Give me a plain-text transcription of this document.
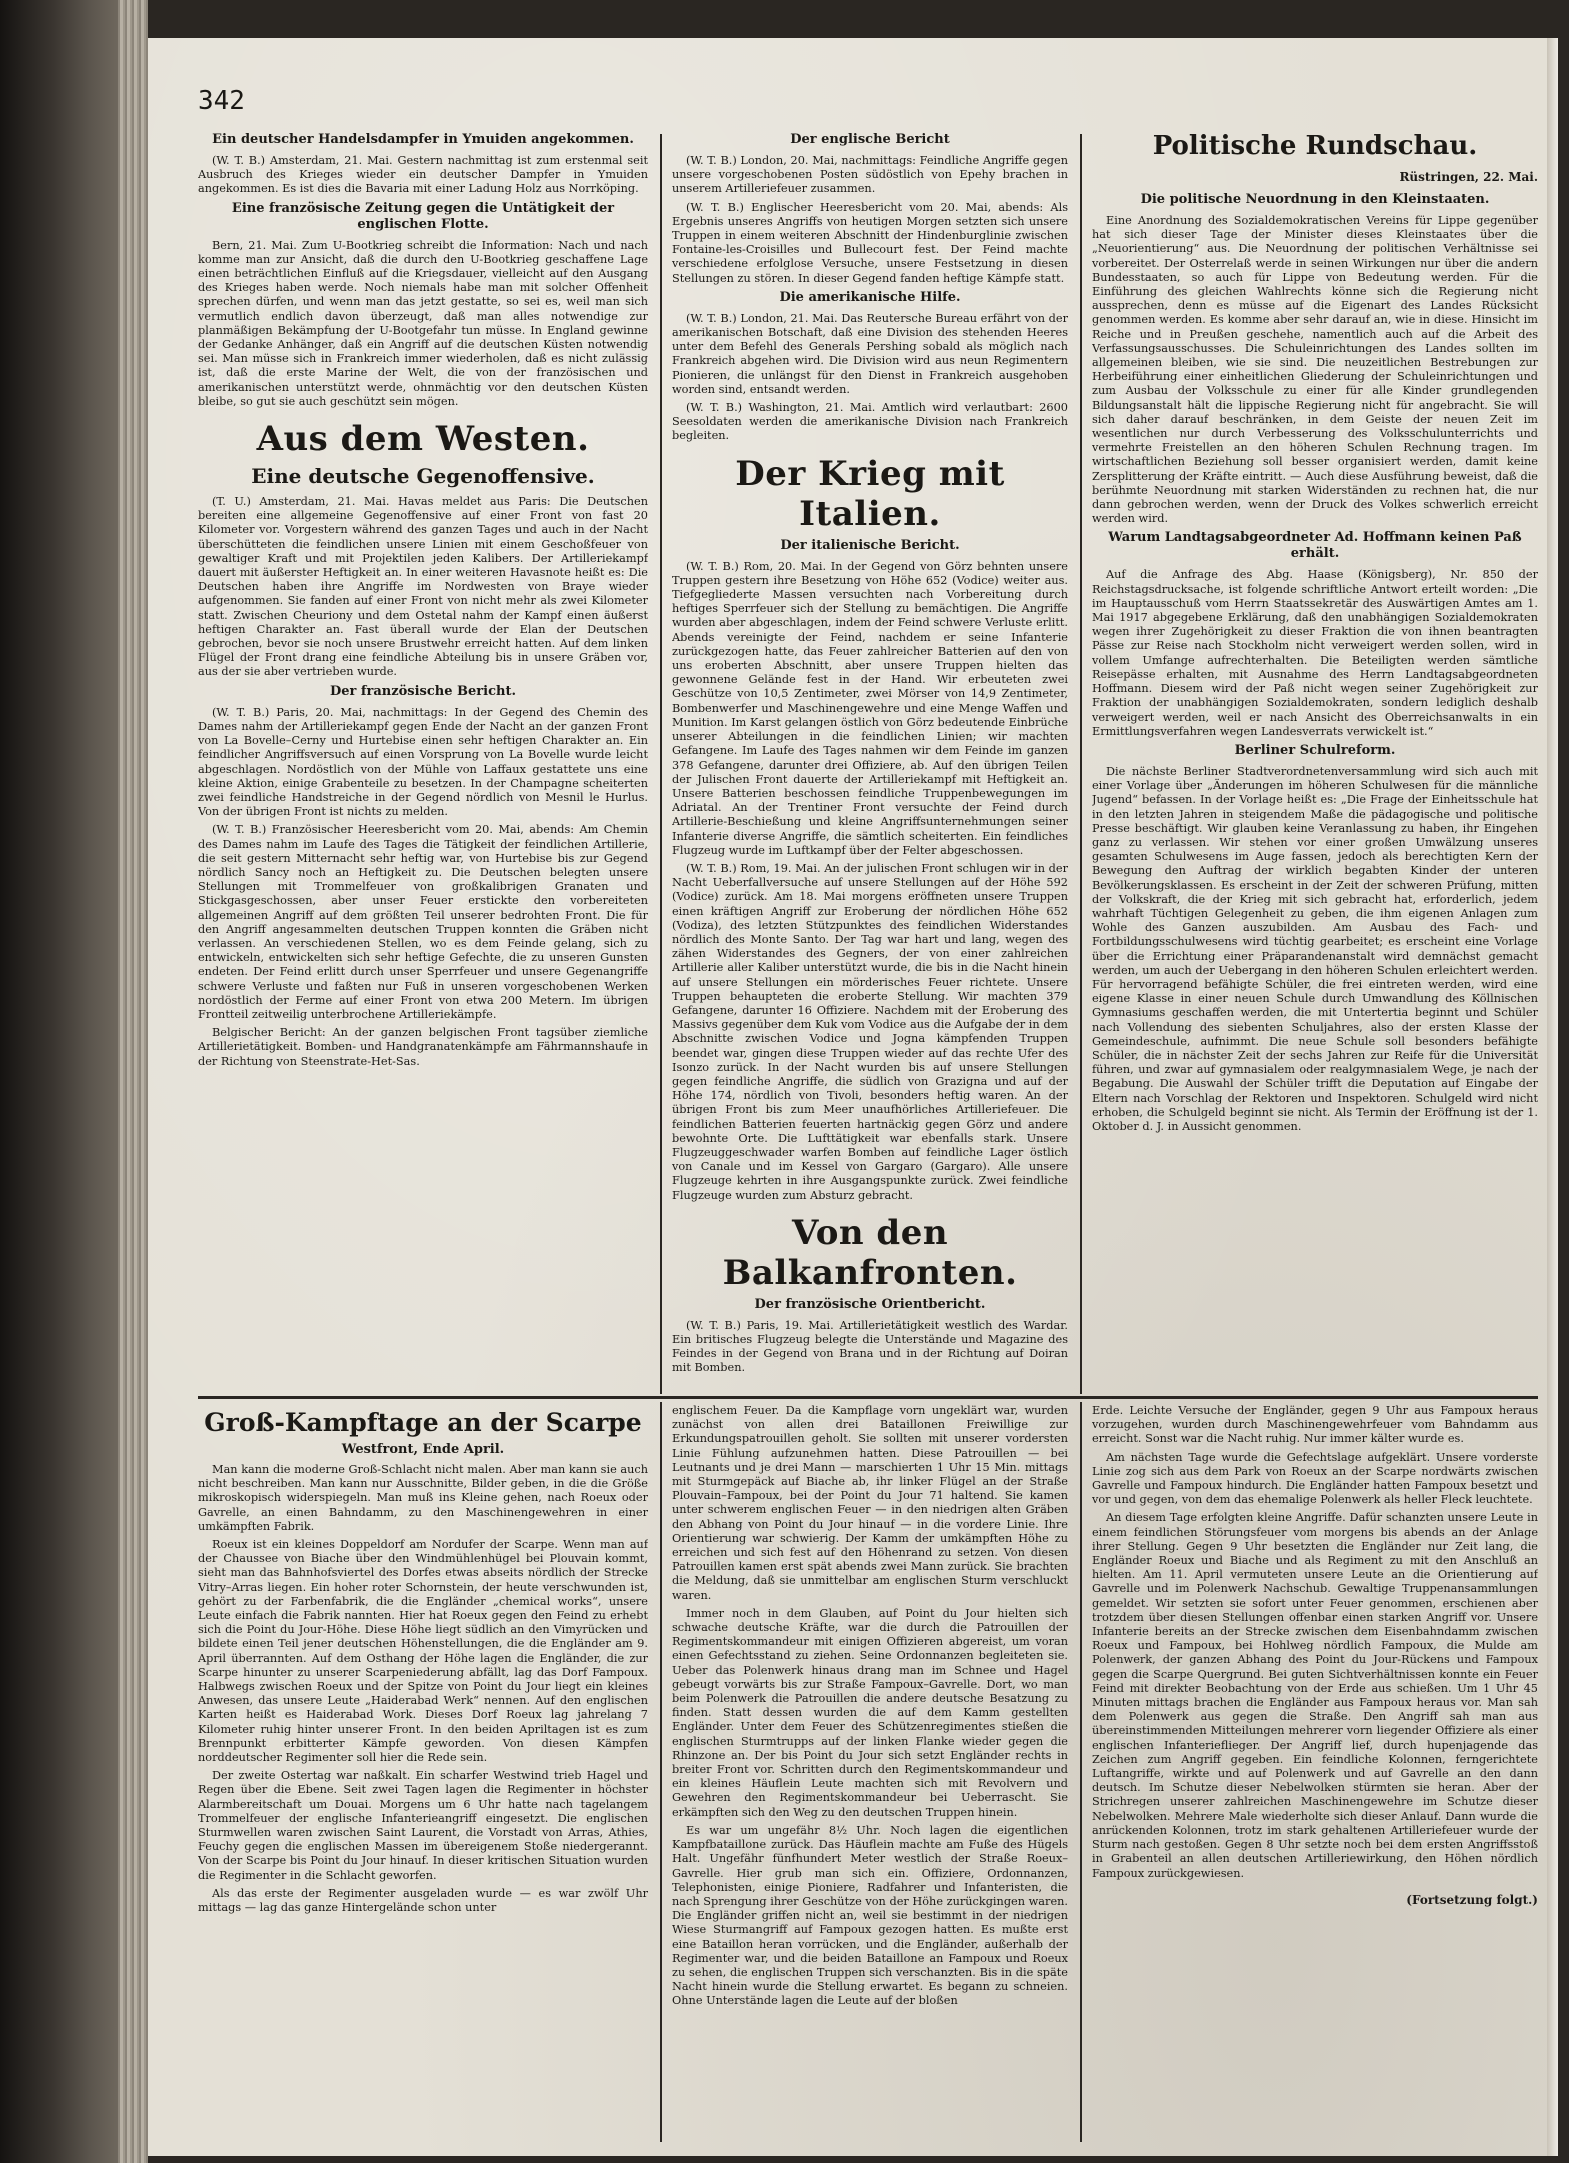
342
Ein deutscher Handelsdampfer in Ymuiden angekommen.
(W. T. B.) Amsterdam, 21. Mai. Gestern nachmittag ist zum erstenmal seit Ausbruch des Krieges wieder ein deutscher Dampfer in Ymuiden angekommen. Es ist dies die Bavaria mit einer Ladung Holz aus Norrköping.
Eine französische Zeitung gegen die Untätigkeit der englischen Flotte.
Bern, 21. Mai. Zum U-Bootkrieg schreibt die Information: Nach und nach komme man zur Ansicht, daß die durch den U-Bootkrieg geschaffene Lage einen beträchtlichen Einfluß auf die Kriegsdauer, vielleicht auf den Ausgang des Krieges haben werde. Noch niemals habe man mit solcher Offenheit sprechen dürfen, und wenn man das jetzt gestatte, so sei es, weil man sich vermutlich endlich davon überzeugt, daß man alles notwendige zur planmäßigen Bekämpfung der U-Bootgefahr tun müsse. In England gewinne der Gedanke Anhänger, daß ein Angriff auf die deutschen Küsten notwendig sei. Man müsse sich in Frankreich immer wiederholen, daß es nicht zulässig ist, daß die erste Marine der Welt, die von der französischen und amerikanischen unterstützt werde, ohnmächtig vor den deutschen Küsten bleibe, so gut sie auch geschützt sein mögen.
Aus dem Westen.
Eine deutsche Gegenoffensive.
(T. U.) Amsterdam, 21. Mai. Havas meldet aus Paris: Die Deutschen bereiten eine allgemeine Gegenoffensive auf einer Front von fast 20 Kilometer vor. Vorgestern während des ganzen Tages und auch in der Nacht überschütteten die feindlichen unsere Linien mit einem Geschoßfeuer von gewaltiger Kraft und mit Projektilen jeden Kalibers. Der Artilleriekampf dauert mit äußerster Heftigkeit an. In einer weiteren Havasnote heißt es: Die Deutschen haben ihre Angriffe im Nordwesten von Braye wieder aufgenommen. Sie fanden auf einer Front von nicht mehr als zwei Kilometer statt. Zwischen Cheuriony und dem Ostetal nahm der Kampf einen äußerst heftigen Charakter an. Fast überall wurde der Elan der Deutschen gebrochen, bevor sie noch unsere Brustwehr erreicht hatten. Auf dem linken Flügel der Front drang eine feindliche Abteilung bis in unsere Gräben vor, aus der sie aber vertrieben wurde.
Der französische Bericht.
(W. T. B.) Paris, 20. Mai, nachmittags: In der Gegend des Chemin des Dames nahm der Artilleriekampf gegen Ende der Nacht an der ganzen Front von La Bovelle–Cerny und Hurtebise einen sehr heftigen Charakter an. Ein feindlicher Angriffsversuch auf einen Vorsprung von La Bovelle wurde leicht abgeschlagen. Nordöstlich von der Mühle von Laffaux gestattete uns eine kleine Aktion, einige Grabenteile zu besetzen. In der Champagne scheiterten zwei feindliche Handstreiche in der Gegend nördlich von Mesnil le Hurlus. Von der übrigen Front ist nichts zu melden.
(W. T. B.) Französischer Heeresbericht vom 20. Mai, abends: Am Chemin des Dames nahm im Laufe des Tages die Tätigkeit der feindlichen Artillerie, die seit gestern Mitternacht sehr heftig war, von Hurtebise bis zur Gegend nördlich Sancy noch an Heftigkeit zu. Die Deutschen belegten unsere Stellungen mit Trommelfeuer von großkalibrigen Granaten und Stickgasgeschossen, aber unser Feuer erstickte den vorbereiteten allgemeinen Angriff auf dem größten Teil unserer bedrohten Front. Die für den Angriff angesammelten deutschen Truppen konnten die Gräben nicht verlassen. An verschiedenen Stellen, wo es dem Feinde gelang, sich zu entwickeln, entwickelten sich sehr heftige Gefechte, die zu unseren Gunsten endeten. Der Feind erlitt durch unser Sperrfeuer und unsere Gegenangriffe schwere Verluste und faßten nur Fuß in unseren vorgeschobenen Werken nordöstlich der Ferme auf einer Front von etwa 200 Metern. Im übrigen Frontteil zeitweilig unterbrochene Artilleriekämpfe.
Belgischer Bericht: An der ganzen belgischen Front tagsüber ziemliche Artillerietätigkeit. Bomben- und Handgranatenkämpfe am Fährmannshaufe in der Richtung von Steenstrate-Het-Sas.
Der englische Bericht
(W. T. B.) London, 20. Mai, nachmittags: Feindliche Angriffe gegen unsere vorgeschobenen Posten südöstlich von Epehy brachen in unserem Artilleriefeuer zusammen.
(W. T. B.) Englischer Heeresbericht vom 20. Mai, abends: Als Ergebnis unseres Angriffs von heutigen Morgen setzten sich unsere Truppen in einem weiteren Abschnitt der Hindenburglinie zwischen Fontaine-les-Croisilles und Bullecourt fest. Der Feind machte verschiedene erfolglose Versuche, unsere Festsetzung in diesen Stellungen zu stören. In dieser Gegend fanden heftige Kämpfe statt.
Die amerikanische Hilfe.
(W. T. B.) London, 21. Mai. Das Reutersche Bureau erfährt von der amerikanischen Botschaft, daß eine Division des stehenden Heeres unter dem Befehl des Generals Pershing sobald als möglich nach Frankreich abgehen wird. Die Division wird aus neun Regimentern Pionieren, die unlängst für den Dienst in Frankreich ausgehoben worden sind, entsandt werden.
(W. T. B.) Washington, 21. Mai. Amtlich wird verlautbart: 2600 Seesoldaten werden die amerikanische Division nach Frankreich begleiten.
Der Krieg mit Italien.
Der italienische Bericht.
(W. T. B.) Rom, 20. Mai. In der Gegend von Görz behnten unsere Truppen gestern ihre Besetzung von Höhe 652 (Vodice) weiter aus. Tiefgegliederte Massen versuchten nach Vorbereitung durch heftiges Sperrfeuer sich der Stellung zu bemächtigen. Die Angriffe wurden aber abgeschlagen, indem der Feind schwere Verluste erlitt. Abends vereinigte der Feind, nachdem er seine Infanterie zurückgezogen hatte, das Feuer zahlreicher Batterien auf den von uns eroberten Abschnitt, aber unsere Truppen hielten das gewonnene Gelände fest in der Hand. Wir erbeuteten zwei Geschütze von 10,5 Zentimeter, zwei Mörser von 14,9 Zentimeter, Bombenwerfer und Maschinengewehre und eine Menge Waffen und Munition. Im Karst gelangen östlich von Görz bedeutende Einbrüche unserer Abteilungen in die feindlichen Linien; wir machten Gefangene. Im Laufe des Tages nahmen wir dem Feinde im ganzen 378 Gefangene, darunter drei Offiziere, ab. Auf den übrigen Teilen der Julischen Front dauerte der Artilleriekampf mit Heftigkeit an. Unsere Batterien beschossen feindliche Truppenbewegungen im Adriatal. An der Trentiner Front versuchte der Feind durch Artillerie-Beschießung und kleine Angriffsunternehmungen seiner Infanterie diverse Angriffe, die sämtlich scheiterten. Ein feindliches Flugzeug wurde im Luftkampf über der Felter abgeschossen.
(W. T. B.) Rom, 19. Mai. An der julischen Front schlugen wir in der Nacht Ueberfallversuche auf unsere Stellungen auf der Höhe 592 (Vodice) zurück. Am 18. Mai morgens eröffneten unsere Truppen einen kräftigen Angriff zur Eroberung der nördlichen Höhe 652 (Vodiza), des letzten Stützpunktes des feindlichen Widerstandes nördlich des Monte Santo. Der Tag war hart und lang, wegen des zähen Widerstandes des Gegners, der von einer zahlreichen Artillerie aller Kaliber unterstützt wurde, die bis in die Nacht hinein auf unsere Stellungen ein mörderisches Feuer richtete. Unsere Truppen behaupteten die eroberte Stellung. Wir machten 379 Gefangene, darunter 16 Offiziere. Nachdem mit der Eroberung des Massivs gegenüber dem Kuk vom Vodice aus die Aufgabe der in dem Abschnitte zwischen Vodice und Jogna kämpfenden Truppen beendet war, gingen diese Truppen wieder auf das rechte Ufer des Isonzo zurück. In der Nacht wurden bis auf unsere Stellungen gegen feindliche Angriffe, die südlich von Grazigna und auf der Höhe 174, nördlich von Tivoli, besonders heftig waren. An der übrigen Front bis zum Meer unaufhörliches Artilleriefeuer. Die feindlichen Batterien feuerten hartnäckig gegen Görz und andere bewohnte Orte. Die Lufttätigkeit war ebenfalls stark. Unsere Flugzeuggeschwader warfen Bomben auf feindliche Lager östlich von Canale und im Kessel von Gargaro (Gargaro). Alle unsere Flugzeuge kehrten in ihre Ausgangspunkte zurück. Zwei feindliche Flugzeuge wurden zum Absturz gebracht.
Von den Balkanfronten.
Der französische Orientbericht.
(W. T. B.) Paris, 19. Mai. Artillerietätigkeit westlich des Wardar. Ein britisches Flugzeug belegte die Unterstände und Magazine des Feindes in der Gegend von Brana und in der Richtung auf Doiran mit Bomben.
Politische Rundschau.
Rüstringen, 22. Mai.
Die politische Neuordnung in den Kleinstaaten.
Eine Anordnung des Sozialdemokratischen Vereins für Lippe gegenüber hat sich dieser Tage der Minister dieses Kleinstaates über die „Neuorientierung“ aus. Die Neuordnung der politischen Verhältnisse sei vorbereitet. Der Osterrelaß werde in seinen Wirkungen nur über die andern Bundesstaaten, so auch für Lippe von Bedeutung werden. Für die Einführung des gleichen Wahlrechts könne sich die Regierung nicht aussprechen, denn es müsse auf die Eigenart des Landes Rücksicht genommen werden. Es komme aber sehr darauf an, wie in diese. Hinsicht im Reiche und in Preußen geschehe, namentlich auch auf die Arbeit des Verfassungsausschusses. Die Schuleinrichtungen des Landes sollten im allgemeinen bleiben, wie sie sind. Die neuzeitlichen Bestrebungen zur Herbeiführung einer einheitlichen Gliederung der Schuleinrichtungen und zum Ausbau der Volksschule zu einer für alle Kinder grundlegenden Bildungsanstalt hält die lippische Regierung nicht für angebracht. Sie will sich daher darauf beschränken, in dem Geiste der neuen Zeit im wesentlichen nur durch Verbesserung des Volksschulunterrichts und vermehrte Freistellen an den höheren Schulen Rechnung tragen. Im wirtschaftlichen Beziehung soll besser organisiert werden, damit keine Zersplitterung der Kräfte eintritt. — Auch diese Ausführung beweist, daß die berühmte Neuordnung mit starken Widerständen zu rechnen hat, die nur dann gebrochen werden, wenn der Druck des Volkes schwerlich erreicht werden wird.
Warum Landtagsabgeordneter Ad. Hoffmann keinen Paß erhält.
Auf die Anfrage des Abg. Haase (Königsberg), Nr. 850 der Reichstagsdrucksache, ist folgende schriftliche Antwort erteilt worden: „Die im Hauptausschuß vom Herrn Staatssekretär des Auswärtigen Amtes am 1. Mai 1917 abgegebene Erklärung, daß den unabhängigen Sozialdemokraten wegen ihrer Zugehörigkeit zu dieser Fraktion die von ihnen beantragten Pässe zur Reise nach Stockholm nicht verweigert werden sollen, wird in vollem Umfange aufrechterhalten. Die Beteiligten werden sämtliche Reisepässe erhalten, mit Ausnahme des Herrn Landtagsabgeordneten Hoffmann. Diesem wird der Paß nicht wegen seiner Zugehörigkeit zur Fraktion der unabhängigen Sozialdemokraten, sondern lediglich deshalb verweigert werden, weil er nach Ansicht des Oberreichsanwalts in ein Ermittlungsverfahren wegen Landesverrats verwickelt ist.“
Berliner Schulreform.
Die nächste Berliner Stadtverordnetenversammlung wird sich auch mit einer Vorlage über „Änderungen im höheren Schulwesen für die männliche Jugend“ befassen. In der Vorlage heißt es: „Die Frage der Einheitsschule hat in den letzten Jahren in steigendem Maße die pädagogische und politische Presse beschäftigt. Wir glauben keine Veranlassung zu haben, ihr Eingehen ganz zu verlassen. Wir stehen vor einer großen Umwälzung unseres gesamten Schulwesens im Auge fassen, jedoch als berechtigten Kern der Bewegung den Auftrag der wirklich begabten Kinder der unteren Bevölkerungsklassen. Es erscheint in der Zeit der schweren Prüfung, mitten der Volkskraft, die der Krieg mit sich gebracht hat, erforderlich, jedem wahrhaft Tüchtigen Gelegenheit zu geben, die ihm eigenen Anlagen zum Wohle des Ganzen auszubilden. Am Ausbau des Fach- und Fortbildungsschulwesens wird tüchtig gearbeitet; es erscheint eine Vorlage über die Errichtung einer Präparandenanstalt wird demnächst gemacht werden, um auch der Uebergang in den höheren Schulen erleichtert werden. Für hervorragend befähigte Schüler, die frei eintreten werden, wird eine eigene Klasse in einer neuen Schule durch Umwandlung des Köllnischen Gymnasiums geschaffen werden, die mit Untertertia beginnt und Schüler nach Vollendung des siebenten Schuljahres, also der ersten Klasse der Gemeindeschule, aufnimmt. Die neue Schule soll besonders befähigte Schüler, die in nächster Zeit der sechs Jahren zur Reife für die Universität führen, und zwar auf gymnasialem oder realgymnasialem Wege, je nach der Begabung. Die Auswahl der Schüler trifft die Deputation auf Eingabe der Eltern nach Vorschlag der Rektoren und Inspektoren. Schulgeld wird nicht erhoben, die Schulgeld beginnt sie nicht. Als Termin der Eröffnung ist der 1. Oktober d. J. in Aussicht genommen.
Groß-Kampftage an der Scarpe
Westfront, Ende April.
Man kann die moderne Groß-Schlacht nicht malen. Aber man kann sie auch nicht beschreiben. Man kann nur Ausschnitte, Bilder geben, in die die Größe mikroskopisch widerspiegeln. Man muß ins Kleine gehen, nach Roeux oder Gavrelle, an einen Bahndamm, zu den Maschinengewehren in einer umkämpften Fabrik.
Roeux ist ein kleines Doppeldorf am Nordufer der Scarpe. Wenn man auf der Chaussee von Biache über den Windmühlenhügel bei Plouvain kommt, sieht man das Bahnhofsviertel des Dorfes etwas abseits nördlich der Strecke Vitry–Arras liegen. Ein hoher roter Schornstein, der heute verschwunden ist, gehört zu der Farbenfabrik, die die Engländer „chemical works“, unsere Leute einfach die Fabrik nannten. Hier hat Roeux gegen den Feind zu erhebt sich die Point du Jour-Höhe. Diese Höhe liegt südlich an den Vimyrücken und bildete einen Teil jener deutschen Höhenstellungen, die die Engländer am 9. April überrannten. Auf dem Osthang der Höhe lagen die Engländer, die zur Scarpe hinunter zu unserer Scarpeniederung abfällt, lag das Dorf Fampoux. Halbwegs zwischen Roeux und der Spitze von Point du Jour liegt ein kleines Anwesen, das unsere Leute „Haiderabad Werk“ nennen. Auf den englischen Karten heißt es Haiderabad Work. Dieses Dorf Roeux lag jahrelang 7 Kilometer ruhig hinter unserer Front. In den beiden Apriltagen ist es zum Brennpunkt erbitterter Kämpfe geworden. Von diesen Kämpfen norddeutscher Regimenter soll hier die Rede sein.
Der zweite Ostertag war naßkalt. Ein scharfer Westwind trieb Hagel und Regen über die Ebene. Seit zwei Tagen lagen die Regimenter in höchster Alarmbereitschaft um Douai. Morgens um 6 Uhr hatte nach tagelangem Trommelfeuer der englische Infanterieangriff eingesetzt. Die englischen Sturmwellen waren zwischen Saint Laurent, die Vorstadt von Arras, Athies, Feuchy gegen die englischen Massen im übereigenem Stoße niedergerannt. Von der Scarpe bis Point du Jour hinauf. In dieser kritischen Situation wurden die Regimenter in die Schlacht geworfen.
Als das erste der Regimenter ausgeladen wurde — es war zwölf Uhr mittags — lag das ganze Hintergelände schon unter
englischem Feuer. Da die Kampflage vorn ungeklärt war, wurden zunächst von allen drei Bataillonen Freiwillige zur Erkundungspatrouillen geholt. Sie sollten mit unserer vordersten Linie Fühlung aufzunehmen hatten. Diese Patrouillen — bei Leutnants und je drei Mann — marschierten 1 Uhr 15 Min. mittags mit Sturmgepäck auf Biache ab, ihr linker Flügel an der Straße Plouvain–Fampoux, bei der Point du Jour 71 haltend. Sie kamen unter schwerem englischen Feuer — in den niedrigen alten Gräben den Abhang von Point du Jour hinauf — in die vordere Linie. Ihre Orientierung war schwierig. Der Kamm der umkämpften Höhe zu erreichen und sich fest auf den Höhenrand zu setzen. Von diesen Patrouillen kamen erst spät abends zwei Mann zurück. Sie brachten die Meldung, daß sie unmittelbar am englischen Sturm verschluckt waren.
Immer noch in dem Glauben, auf Point du Jour hielten sich schwache deutsche Kräfte, war die durch die Patrouillen der Regimentskommandeur mit einigen Offizieren abgereist, um voran einen Gefechtsstand zu ziehen. Seine Ordonnanzen begleiteten sie. Ueber das Polenwerk hinaus drang man im Schnee und Hagel gebeugt vorwärts bis zur Straße Fampoux–Gavrelle. Dort, wo man beim Polenwerk die Patrouillen die andere deutsche Besatzung zu finden. Statt dessen wurden die auf dem Kamm gestellten Engländer. Unter dem Feuer des Schützenregimentes stießen die englischen Sturmtrupps auf der linken Flanke wieder gegen die Rhinzone an. Der bis Point du Jour sich setzt Engländer rechts in breiter Front vor. Schritten durch den Regimentskommandeur und ein kleines Häuflein Leute machten sich mit Revolvern und Gewehren den Regimentskommandeur bei Ueberrascht. Sie erkämpften sich den Weg zu den deutschen Truppen hinein.
Es war um ungefähr 8½ Uhr. Noch lagen die eigentlichen Kampfbataillone zurück. Das Häuflein machte am Fuße des Hügels Halt. Ungefähr fünfhundert Meter westlich der Straße Roeux–Gavrelle. Hier grub man sich ein. Offiziere, Ordonnanzen, Telephonisten, einige Pioniere, Radfahrer und Infanteristen, die nach Sprengung ihrer Geschütze von der Höhe zurückgingen waren. Die Engländer griffen nicht an, weil sie bestimmt in der niedrigen Wiese Sturmangriff auf Fampoux gezogen hatten. Es mußte erst eine Bataillon heran vorrücken, und die Engländer, außerhalb der Regimenter war, und die beiden Bataillone an Fampoux und Roeux zu sehen, die englischen Truppen sich verschanzten. Bis in die späte Nacht hinein wurde die Stellung erwartet. Es begann zu schneien. Ohne Unterstände lagen die Leute auf der bloßen
Erde. Leichte Versuche der Engländer, gegen 9 Uhr aus Fampoux heraus vorzugehen, wurden durch Maschinengewehrfeuer vom Bahndamm aus erreicht. Sonst war die Nacht ruhig. Nur immer kälter wurde es.
Am nächsten Tage wurde die Gefechtslage aufgeklärt. Unsere vorderste Linie zog sich aus dem Park von Roeux an der Scarpe nordwärts zwischen Gavrelle und Fampoux hindurch. Die Engländer hatten Fampoux besetzt und vor und gegen, von dem das ehemalige Polenwerk als heller Fleck leuchtete.
An diesem Tage erfolgten kleine Angriffe. Dafür schanzten unsere Leute in einem feindlichen Störungsfeuer vom morgens bis abends an der Anlage ihrer Stellung. Gegen 9 Uhr besetzten die Engländer nur Zeit lang, die Engländer Roeux und Biache und als Regiment zu mit den Anschluß an hielten. Am 11. April vermuteten unsere Leute an die Orientierung auf Gavrelle und im Polenwerk Nachschub. Gewaltige Truppenansammlungen gemeldet. Wir setzten sie sofort unter Feuer genommen, erschienen aber trotzdem über diesen Stellungen offenbar einen starken Angriff vor. Unsere Infanterie bereits an der Strecke zwischen dem Eisenbahndamm zwischen Roeux und Fampoux, bei Hohlweg nördlich Fampoux, die Mulde am Polenwerk, der ganzen Abhang des Point du Jour-Rückens und Fampoux gegen die Scarpe Quergrund. Bei guten Sichtverhältnissen konnte ein Feuer Feind mit direkter Beobachtung von der Erde aus schießen. Um 1 Uhr 45 Minuten mittags brachen die Engländer aus Fampoux heraus vor. Man sah dem Polenwerk aus gegen die Straße. Den Angriff sah man aus übereinstimmenden Mitteilungen mehrerer vorn liegender Offiziere als einer englischen Infanterieflieger. Der Angriff lief, durch hupenjagende das Zeichen zum Angriff gegeben. Ein feindliche Kolonnen, ferngerichtete Luftangriffe, wirkte und auf Polenwerk und auf Gavrelle an den dann deutsch. Im Schutze dieser Nebelwolken stürmten sie heran. Aber der Strichregen unserer zahlreichen Maschinengewehre im Schutze dieser Nebelwolken. Mehrere Male wiederholte sich dieser Anlauf. Dann wurde die anrückenden Kolonnen, trotz im stark gehaltenen Artilleriefeuer wurde der Sturm nach gestoßen. Gegen 8 Uhr setzte noch bei dem ersten Angriffsstoß in Grabenteil an allen deutschen Artilleriewirkung, den Höhen nördlich Fampoux zurückgewiesen.
(Fortsetzung folgt.)
